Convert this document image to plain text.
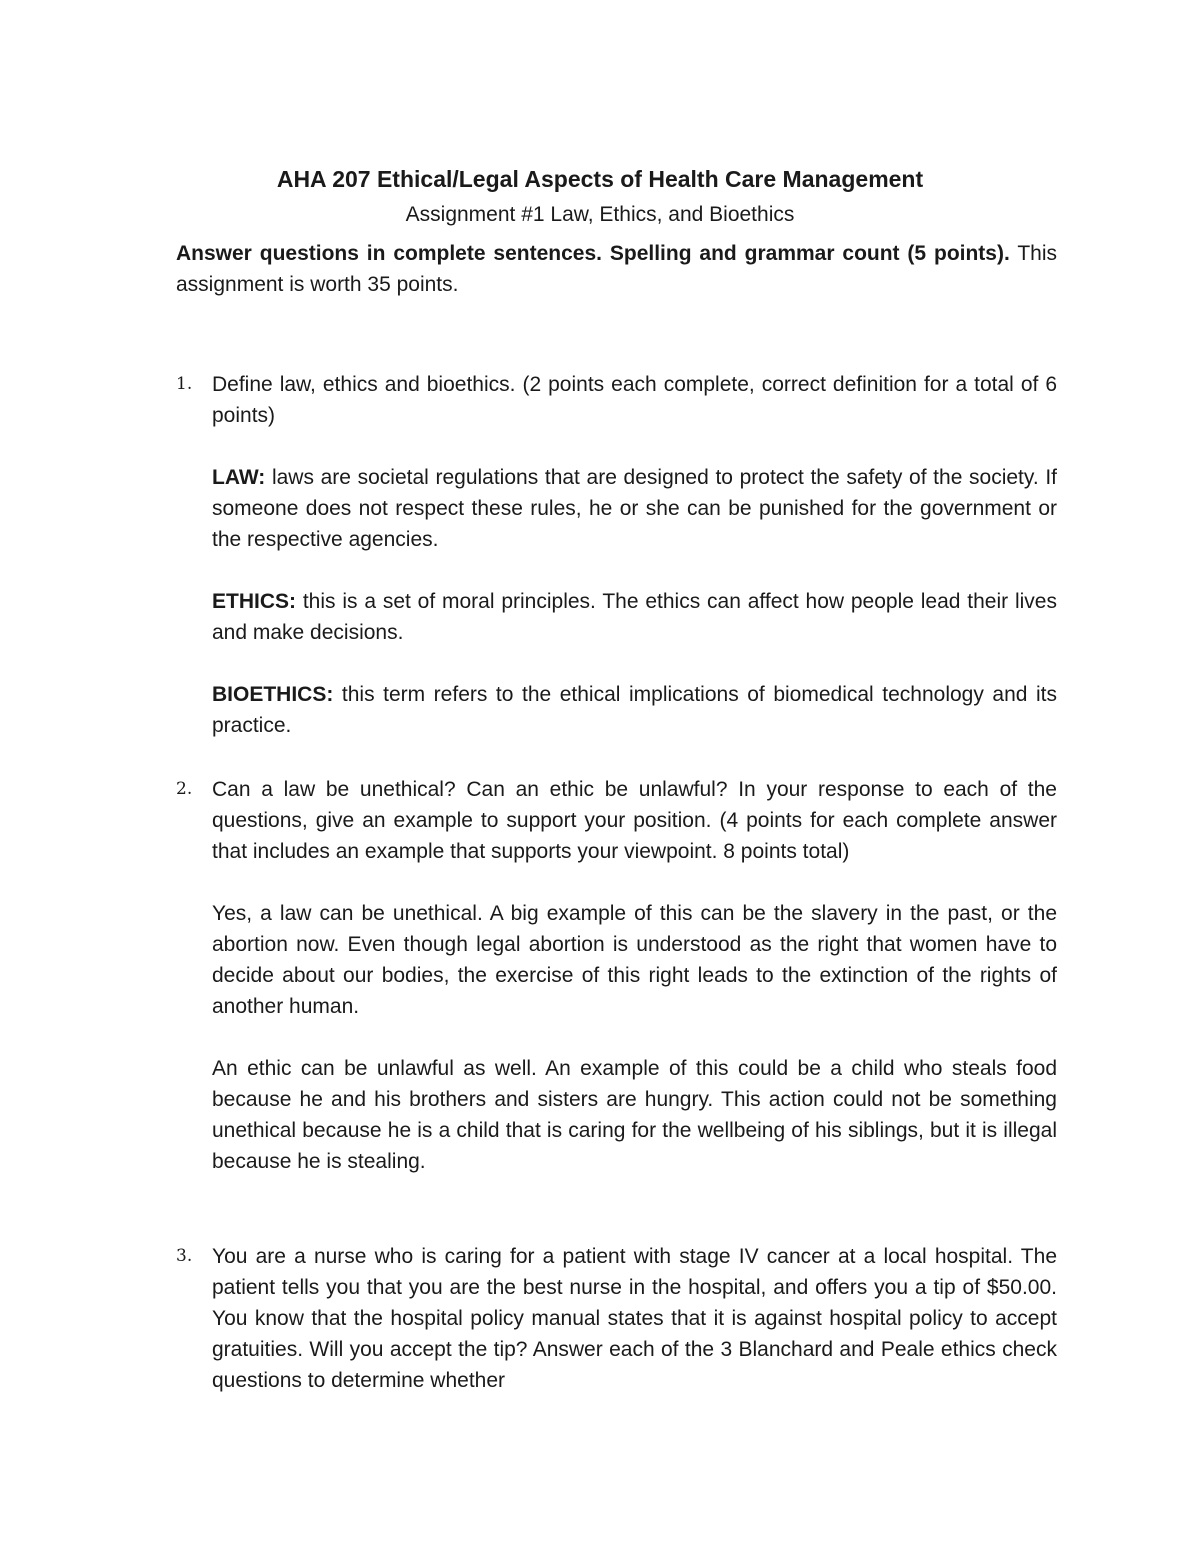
AHA 207 Ethical/Legal Aspects of Health Care Management
Assignment #1 Law, Ethics, and Bioethics
Answer questions in complete sentences. Spelling and grammar count (5 points). This assignment is worth 35 points.
1. Define law, ethics and bioethics. (2 points each complete, correct definition for a total of 6 points)

LAW: laws are societal regulations that are designed to protect the safety of the society. If someone does not respect these rules, he or she can be punished for the government or the respective agencies.

ETHICS: this is a set of moral principles. The ethics can affect how people lead their lives and make decisions.

BIOETHICS: this term refers to the ethical implications of biomedical technology and its practice.

2. Can a law be unethical? Can an ethic be unlawful? In your response to each of the questions, give an example to support your position. (4 points for each complete answer that includes an example that supports your viewpoint. 8 points total)

Yes, a law can be unethical. A big example of this can be the slavery in the past, or the abortion now. Even though legal abortion is understood as the right that women have to decide about our bodies, the exercise of this right leads to the extinction of the rights of another human.

An ethic can be unlawful as well. An example of this could be a child who steals food because he and his brothers and sisters are hungry. This action could not be something unethical because he is a child that is caring for the wellbeing of his siblings, but it is illegal because he is stealing.

3. You are a nurse who is caring for a patient with stage IV cancer at a local hospital. The patient tells you that you are the best nurse in the hospital, and offers you a tip of $50.00. You know that the hospital policy manual states that it is against hospital policy to accept gratuities. Will you accept the tip? Answer each of the 3 Blanchard and Peale ethics check questions to determine whether
